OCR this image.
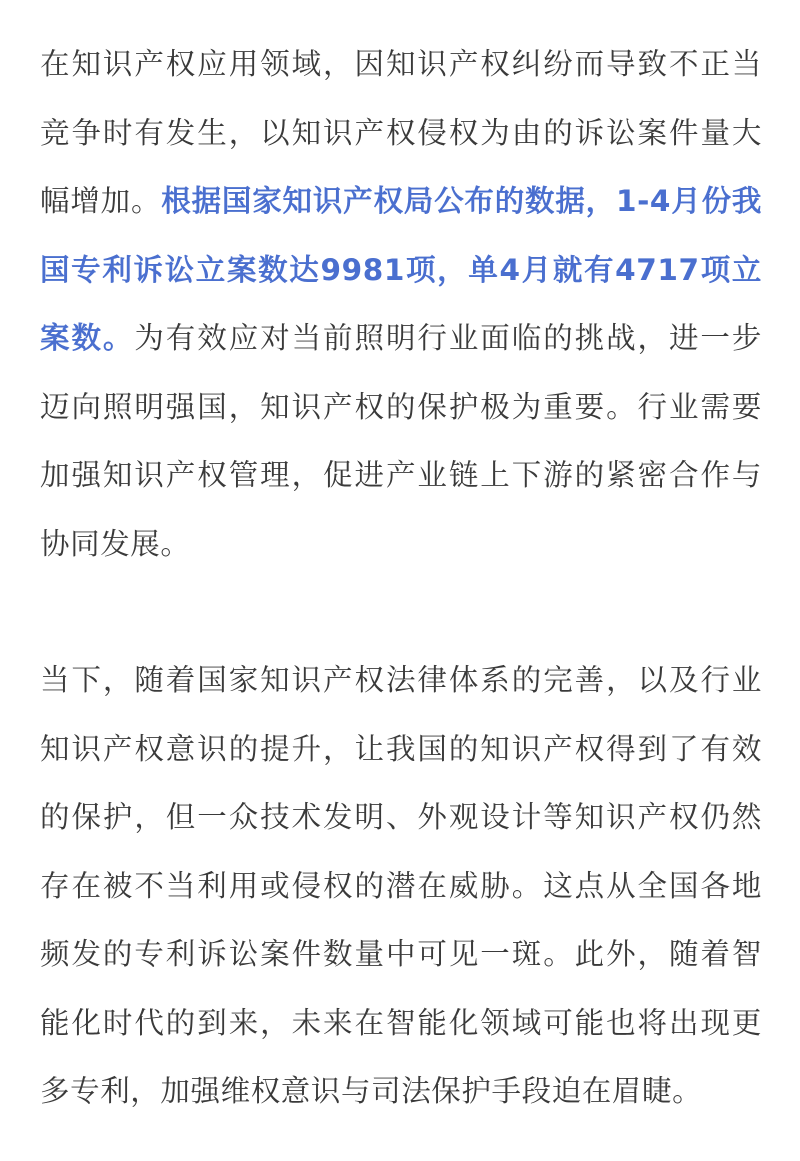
在知识产权应用领域，因知识产权纠纷而导致不正当竞争时有发生，以知识产权侵权为由的诉讼案件量大幅增加。根据国家知识产权局公布的数据，1-4月份我国专利诉讼立案数达9981项，单4月就有4717项立案数。为有效应对当前照明行业面临的挑战，进一步迈向照明强国，知识产权的保护极为重要。行业需要加强知识产权管理，促进产业链上下游的紧密合作与协同发展。

当下，随着国家知识产权法律体系的完善，以及行业知识产权意识的提升，让我国的知识产权得到了有效的保护，但一众技术发明、外观设计等知识产权仍然存在被不当利用或侵权的潜在威胁。这点从全国各地频发的专利诉讼案件数量中可见一斑。此外，随着智能化时代的到来，未来在智能化领域可能也将出现更多专利，加强维权意识与司法保护手段迫在眉睫。
